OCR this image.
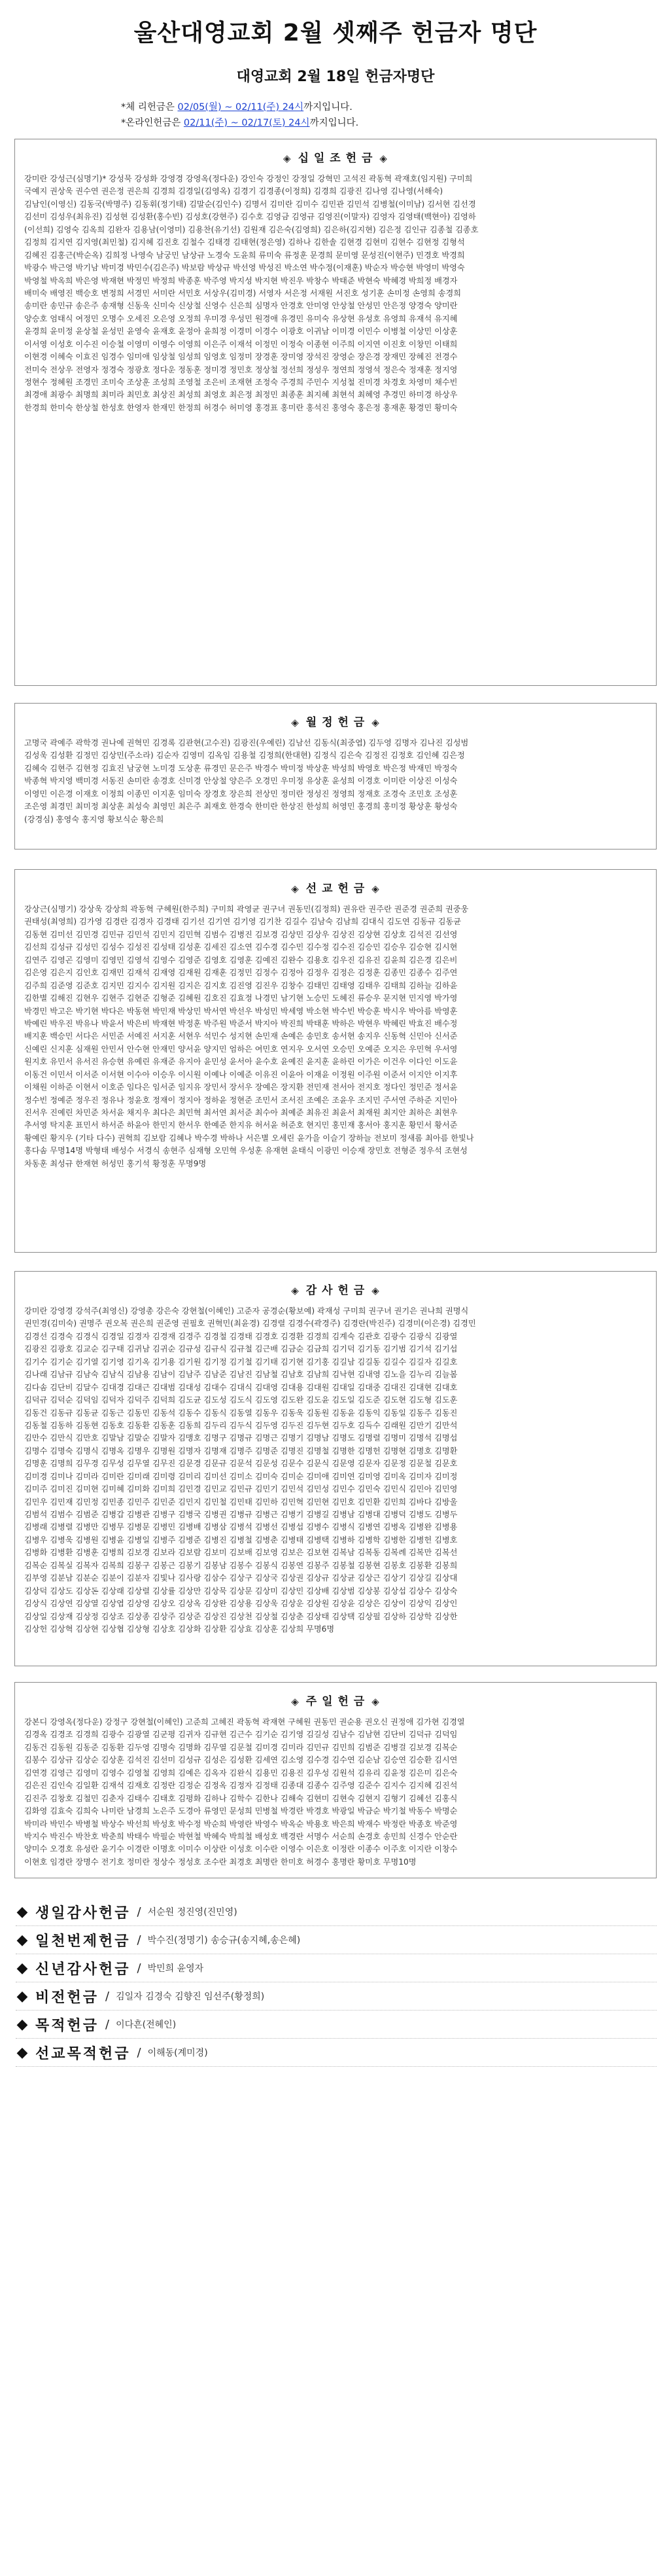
울산대영교회 2월 셋째주 헌금자 명단
대영교회 2월 18일 헌금자명단
*체 리헌금은 02/05(월) ~ 02/11(주) 24시까지입니다.
*온라인헌금은 02/11(주) ~ 02/17(토) 24시까지입니다.
◈ 십 일 조 헌 금 ◈
강미란 강성근(심명기)* 강성묵 강성화 강영경 강영옥(정다운) 강인숙 강정인 강정일 강혁민 고석진 곽동혁 곽재호(임지원) 구미희
국예지 권상욱 권수연 권은정 권은희 김경희 김경일(김영옥) 김경기 김경종(이정희) 김경희 김광진 김나영 김나영(서해숙)
김남인(이영신) 김동국(박명주) 김동휘(정기태) 김말순(김인수) 김명서 김미란 김미수 김민관 김민석 김병철(이미남) 김서현 김선경
김선미 김성우(최유진) 김성현 김성환(홍수빈) 김성호(강현주) 김수호 김영금 김영규 김영진(이말자) 김영자 김영태(백현아) 김영하
(이선희) 김영숙 김옥희 김완자 김용남(이영미) 김용찬(유기선) 김원재 김은숙(김영희) 김은하(김지현) 김은정 김인규 김종철 김종호
김정희 김지연 김지영(최민철) 김지혜 김진호 김철수 김태경 김태현(정은영) 김하나 김한솔 김현경 김현미 김현수 김현정 김형석
김혜진 김홍근(박순옥) 김희정 나영숙 남궁민 남상규 노경숙 도윤희 류미숙 류정훈 문경희 문미영 문성진(이현주) 민경호 박경희
박광수 박근영 박기남 박미경 박민수(김은주) 박보람 박상규 박선영 박성진 박소연 박수정(이재훈) 박순자 박승현 박영미 박영숙
박영철 박옥희 박은영 박재현 박정민 박정희 박종훈 박주영 박지성 박지현 박진우 박창수 박태준 박현숙 박혜경 박희정 배경자
배미숙 배영진 백승호 변정희 서경민 서미란 서민호 서상우(김미경) 서영자 서은정 서재원 서진호 성기훈 손미정 손영희 송경희
송미란 송민규 송은주 송재형 신동욱 신미숙 신상철 신영수 신은희 심명자 안경호 안미영 안상철 안성민 안은정 양경숙 양미란
양승호 엄태식 여정민 오명수 오세진 오은영 오정희 우미경 우성민 원경애 유경민 유미숙 유상현 유성호 유영희 유재석 유지혜
윤경희 윤미정 윤상철 윤성민 윤영숙 윤재호 윤정아 윤희정 이경미 이경수 이광호 이귀남 이미경 이민수 이병철 이상민 이상훈
이서영 이성호 이수진 이승철 이영미 이영수 이영희 이은주 이재석 이정민 이정숙 이종현 이주희 이지연 이진호 이창민 이태희
이현경 이혜숙 이효진 임경수 임미애 임상철 임성희 임영호 임정미 장경훈 장미영 장석진 장영순 장은경 장재민 장혜진 전경수
전미숙 전상우 전영자 정경숙 정광호 정다운 정동훈 정미경 정민호 정상철 정선희 정성우 정연희 정영석 정은숙 정재훈 정지영
정현수 정혜원 조경민 조미숙 조상훈 조성희 조영철 조은비 조재현 조정숙 주경희 주민수 지성철 진미경 차경호 차영미 채수빈
최경애 최광수 최명희 최미라 최민호 최상진 최성희 최영호 최은정 최정민 최종훈 최지혜 최현석 최혜영 추경민 하미경 하상우
한경희 한미숙 한상철 한성호 한영자 한재민 한정희 허경수 허미영 홍경표 홍미란 홍석진 홍영숙 홍은정 홍재훈 황경민 황미숙
◈ 월 정 헌 금 ◈
고명국 곽예주 곽학경 권나예 권혁민 김경록 김관현(고수진) 김광진(우예린) 김남선 김동식(최중엽) 김두영 김명자 김나진 김성범
김성욱 김성환 김정민 김상민(주소라) 김순자 김영미 김옥임 김용철 김정희(한대현) 김정식 김은숙 김정진 김정호 김인혜 김은정
김혜숙 김현주 김현정 김효진 남궁현 노미경 도상훈 류경민 문은주 박경수 박미정 박상훈 박성희 박영호 박은정 박재민 박정숙
박종혁 박지영 백미경 서동진 손미란 송경호 신미경 안상철 양은주 오경민 우미정 유상훈 윤성희 이경호 이미란 이상진 이성숙
이영민 이은경 이재호 이정희 이종민 이지훈 임미숙 장경호 장은희 전상민 정미란 정성진 정영희 정재호 조경숙 조민호 조성훈
조은영 최경민 최미정 최상훈 최성숙 최영민 최은주 최재호 한경숙 한미란 한상진 한성희 허영민 홍경희 홍미정 황상훈 황성숙
(강경심) 홍영숙 홍지영 황보식순 황은희
◈ 선 교 헌 금 ◈
강상근(심명기) 강상욱 강상희 곽동혁 구혜원(한주희) 구미희 곽영균 권구녀 권동민(김정희) 권유란 권주란 권준경 권준희 권중웅
권태성(최영희) 김가영 김경란 김경자 김경태 김기선 김기연 김기영 김기찬 김길수 김남숙 김남희 김대식 김도연 김동규 김동균
김동현 김미선 김민경 김민규 김민석 김민지 김민혁 김범수 김병진 김보경 김상민 김상우 김상진 김상현 김상호 김석진 김선영
김선희 김성규 김성민 김성수 김성진 김성태 김성훈 김세진 김소연 김수경 김수민 김수정 김수진 김승민 김승우 김승현 김시현
김연주 김영곤 김영미 김영민 김영석 김영수 김영준 김영호 김영훈 김예진 김완수 김용호 김우진 김유진 김윤희 김은경 김은비
김은영 김은지 김인호 김재민 김재석 김재영 김재원 김재훈 김정민 김정수 김정아 김정우 김정은 김정훈 김종민 김종수 김주연
김주희 김준영 김준호 김지민 김지수 김지원 김지은 김지호 김진영 김진우 김창수 김태민 김태영 김태우 김태희 김하늘 김하윤
김한별 김해진 김현우 김현주 김현준 김형준 김혜원 김호진 김효정 나경민 남기현 노승민 도혜진 류승우 문지현 민지영 박가영
박경민 박고은 박기현 박다은 박동현 박민재 박상민 박서연 박선우 박성민 박세영 박소현 박수빈 박승훈 박시우 박아름 박영훈
박예린 박우진 박유나 박윤서 박은비 박재현 박정훈 박주원 박준서 박지아 박진희 박태훈 박하은 박현우 박혜린 박효진 배수정
배지훈 백승민 서다은 서민준 서예진 서지훈 서현우 석민수 성지현 손민재 손예은 송민호 송서현 송지우 신동혁 신민아 신서준
신예린 신지훈 심재원 안민서 안수현 안재민 양서윤 양지민 엄하은 여민호 연지우 오서연 오승민 오예준 오지은 우민혁 우서영
원지호 유민서 유서진 유승현 유예린 유재준 유지아 윤민성 윤서아 윤수호 윤예진 윤지훈 윤하린 이가은 이건우 이다인 이도윤
이동건 이민서 이서준 이서현 이수아 이승우 이시원 이예나 이예준 이유진 이윤아 이재윤 이정원 이주원 이준서 이지안 이지후
이채원 이하준 이현서 이호준 임다은 임서준 임지유 장민서 장서우 장예은 장지환 전민재 전서아 전지호 정다인 정민준 정서윤
정수빈 정예준 정우진 정유나 정윤호 정재이 정지아 정하윤 정현준 조민서 조서진 조예은 조윤우 조지민 주서연 주하준 지민아
진서우 진예린 차민준 차서윤 채지우 최다은 최민혁 최서연 최서준 최수아 최예준 최유진 최윤서 최재원 최지안 최하은 최현우
추서영 탁지훈 표민서 하서준 하윤아 한민지 한서우 한예준 한지유 허서윤 허준호 현지민 홍민재 홍서아 홍지훈 황민서 황서준
황예린 황지우 (기타 다수) 권혁희 김보람 김혜나 박수경 박하나 서은별 오세린 윤가을 이슬기 장하늘 전보미 정새롬 최아름 한빛나
홍다솜 무명14명 박형태 배성수 서경식 송현주 심재형 오민혁 우성훈 유재현 윤태식 이광민 이승재 장민호 전형준 정우석 조현성
차동훈 최성규 한재현 허성민 홍기석 황정훈 무명9명
◈ 감 사 헌 금 ◈
강미란 강영경 강석주(최영신) 강영총 강은숙 강현철(이혜인) 고준자 공경순(황보예) 곽재성 구미희 권구녀 권기은 권나희 권명식
권민경(김미숙) 권명주 권오복 권은희 권준영 권필호 권혁민(최윤경) 김경렬 김경수(곽경주) 김경란(박진주) 김경미(이은경) 김경민
김경선 김경숙 김경식 김경일 김경자 김경재 김경주 김경철 김경태 김경호 김경환 김경희 김계숙 김관호 김광수 김광식 김광열
김광진 김광호 김교순 김구태 김귀남 김귀순 김규성 김규식 김규철 김근배 김금순 김금희 김기덕 김기동 김기범 김기석 김기섭
김기수 김기순 김기열 김기영 김기옥 김기용 김기원 김기정 김기철 김기태 김기현 김기홍 김길남 김길동 김길수 김길자 김길호
김나래 김남규 김남숙 김남식 김남용 김남이 김남주 김남준 김남진 김남철 김남호 김남희 김낙현 김내영 김노을 김누리 김늘봄
김다솜 김단비 김달수 김대경 김대근 김대범 김대성 김대수 김대식 김대영 김대용 김대원 김대일 김대중 김대진 김대현 김대호
김덕규 김덕순 김덕임 김덕자 김덕주 김덕희 김도균 김도성 김도식 김도영 김도완 김도윤 김도일 김도준 김도현 김도형 김도훈
김동건 김동규 김동균 김동근 김동민 김동석 김동수 김동식 김동열 김동우 김동욱 김동원 김동윤 김동익 김동일 김동주 김동진
김동철 김동하 김동현 김동호 김동환 김동훈 김동희 김두리 김두식 김두영 김두진 김두현 김두호 김득수 김래원 김만기 김만석
김만수 김만식 김만호 김말남 김말순 김말자 김맹호 김명구 김명규 김명근 김명기 김명남 김명도 김명렬 김명미 김명석 김명섭
김명수 김명숙 김명식 김명옥 김명우 김명원 김명자 김명재 김명주 김명준 김명진 김명철 김명한 김명헌 김명현 김명호 김명환
김명훈 김명희 김무경 김무성 김무열 김무진 김문경 김문규 김문석 김문성 김문수 김문식 김문영 김문자 김문정 김문철 김문호
김미경 김미나 김미라 김미란 김미래 김미령 김미리 김미선 김미소 김미숙 김미순 김미애 김미연 김미영 김미옥 김미자 김미정
김미주 김미진 김미현 김미혜 김미화 김미희 김민경 김민교 김민규 김민기 김민석 김민성 김민수 김민숙 김민식 김민아 김민영
김민우 김민재 김민정 김민종 김민주 김민준 김민지 김민철 김민태 김민하 김민혁 김민현 김민호 김민환 김민희 김바다 김방울
김범석 김범수 김범준 김병갑 김병관 김병구 김병국 김병권 김병규 김병근 김병기 김병길 김병남 김병대 김병덕 김병도 김병두
김병래 김병렬 김병만 김병무 김병문 김병민 김병배 김병삼 김병석 김병선 김병섭 김병수 김병식 김병연 김병옥 김병완 김병용
김병우 김병욱 김병원 김병윤 김병일 김병주 김병준 김병진 김병철 김병춘 김병태 김병택 김병하 김병학 김병한 김병헌 김병호
김병화 김병환 김병훈 김병희 김보경 김보라 김보람 김보미 김보배 김보영 김보은 김보현 김복남 김복동 김복례 김복만 김복선
김복순 김복실 김복자 김복희 김봉구 김봉근 김봉기 김봉남 김봉수 김봉식 김봉연 김봉주 김봉철 김봉현 김봉호 김봉환 김봉희
김부영 김분남 김분순 김분이 김분자 김빛나 김사랑 김삼수 김상구 김상국 김상권 김상규 김상균 김상근 김상기 김상길 김상대
김상덕 김상도 김상돈 김상래 김상렬 김상률 김상만 김상묵 김상문 김상미 김상민 김상배 김상범 김상봉 김상섭 김상수 김상숙
김상식 김상연 김상열 김상엽 김상영 김상오 김상옥 김상완 김상용 김상욱 김상운 김상원 김상윤 김상은 김상이 김상익 김상인
김상일 김상재 김상정 김상조 김상종 김상주 김상준 김상진 김상천 김상철 김상춘 김상태 김상택 김상필 김상하 김상학 김상한
김상헌 김상혁 김상현 김상협 김상형 김상호 김상화 김상환 김상효 김상훈 김상희 무명6명
◈ 주 일 헌 금 ◈
강본디 강영옥(정다운) 강정구 강현철(이혜인) 고준희 고혜진 곽동혁 곽재현 구혜원 권동민 권순용 권오신 권정애 김가현 김경열
김경옥 김경조 김경희 김광수 김광열 김군평 김귀자 김규현 김근수 김기순 김기영 김길성 김남수 김남현 김단비 김덕규 김덕임
김동건 김동원 김동준 김동환 김두영 김명숙 김명화 김무열 김문철 김미경 김미라 김민규 김민희 김범준 김병걸 김보경 김복순
김봉수 김상규 김상순 김상훈 김석진 김선미 김성규 김성은 김성환 김세연 김소영 김수경 김수연 김순남 김승연 김승환 김시연
김연경 김영근 김영미 김영수 김영철 김영희 김예은 김옥자 김완식 김용민 김용진 김우성 김원석 김유리 김윤정 김은미 김은숙
김은진 김인숙 김일환 김재석 김재호 김정란 김정순 김정옥 김정자 김정태 김종대 김종수 김주영 김준수 김지수 김지혜 김진석
김진주 김창호 김철민 김춘자 김태수 김태호 김평화 김하나 김학수 김한나 김해숙 김현미 김현숙 김현지 김형기 김혜선 김홍식
김화영 김효숙 김희숙 나미란 남경희 노은주 도경아 류영민 문성희 민병철 박경란 박경호 박광일 박금순 박기철 박동수 박명순
박미라 박민수 박병철 박상수 박선희 박성호 박수정 박순희 박영란 박영수 박옥순 박용호 박은희 박재수 박정란 박종호 박준영
박지수 박진수 박찬호 박춘희 박태수 박필순 박현철 박혜숙 박희철 배성호 백경란 서명수 서순희 손경호 송민희 신경수 안순란
양미수 오경호 유성란 윤기수 이경란 이명호 이미수 이상란 이성호 이수란 이영수 이은호 이정란 이종수 이주호 이지란 이창수
이현호 임경란 장명수 전기호 정미란 정상수 정성호 조수란 최경호 최명란 한미호 허경수 홍명란 황미호 무명10명
◆ 생일감사헌금 / 서순원 정진영(진민영)
◆ 일천번제헌금 / 박수진(정명기) 송승규(송지혜,송은혜)
◆ 신년감사헌금 / 박민희 윤영자
◆ 비전헌금 / 김일자 김경숙 김향진 임선주(황정희)
◆ 목적헌금 / 이다흔(전혜인)
◆ 선교목적헌금 / 이해동(계미경)
